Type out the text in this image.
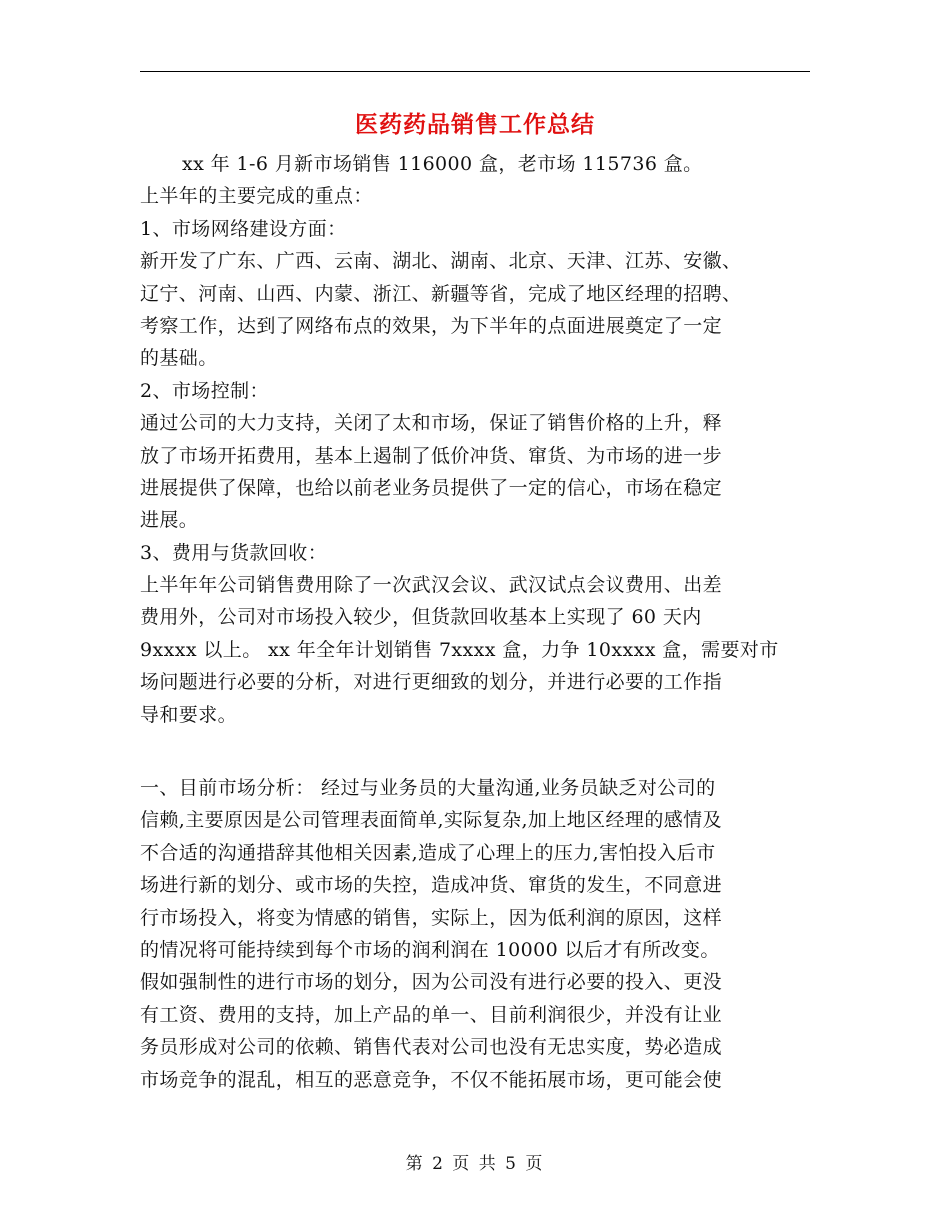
医药药品销售工作总结
xx 年 1-6 月新市场销售 116000 盒，老市场 115736 盒。
上半年的主要完成的重点：
1、市场网络建设方面：
新开发了广东、广西、云南、湖北、湖南、北京、天津、江苏、安徽、
辽宁、河南、山西、内蒙、浙江、新疆等省，完成了地区经理的招聘、
考察工作，达到了网络布点的效果，为下半年的点面进展奠定了一定
的基础。
2、市场控制：
通过公司的大力支持，关闭了太和市场，保证了销售价格的上升，释
放了市场开拓费用，基本上遏制了低价冲货、窜货、为市场的进一步
进展提供了保障，也给以前老业务员提供了一定的信心，市场在稳定
进展。
3、费用与货款回收：
上半年年公司销售费用除了一次武汉会议、武汉试点会议费用、出差
费用外，公司对市场投入较少，但货款回收基本上实现了 60 天内
9xxxx 以上。 xx 年全年计划销售 7xxxx 盒，力争 10xxxx 盒，需要对市
场问题进行必要的分析，对进行更细致的划分，并进行必要的工作指
导和要求。
一、目前市场分析： 经过与业务员的大量沟通,业务员缺乏对公司的
信赖,主要原因是公司管理表面简单,实际复杂,加上地区经理的感情及
不合适的沟通措辞其他相关因素,造成了心理上的压力,害怕投入后市
场进行新的划分、或市场的失控，造成冲货、窜货的发生，不同意进
行市场投入，将变为情感的销售，实际上，因为低利润的原因，这样
的情况将可能持续到每个市场的润利润在 10000 以后才有所改变。
假如强制性的进行市场的划分，因为公司没有进行必要的投入、更没
有工资、费用的支持，加上产品的单一、目前利润很少，并没有让业
务员形成对公司的依赖、销售代表对公司也没有无忠实度，势必造成
市场竞争的混乱，相互的恶意竞争，不仅不能拓展市场，更可能会使
第 2 页 共 5 页
